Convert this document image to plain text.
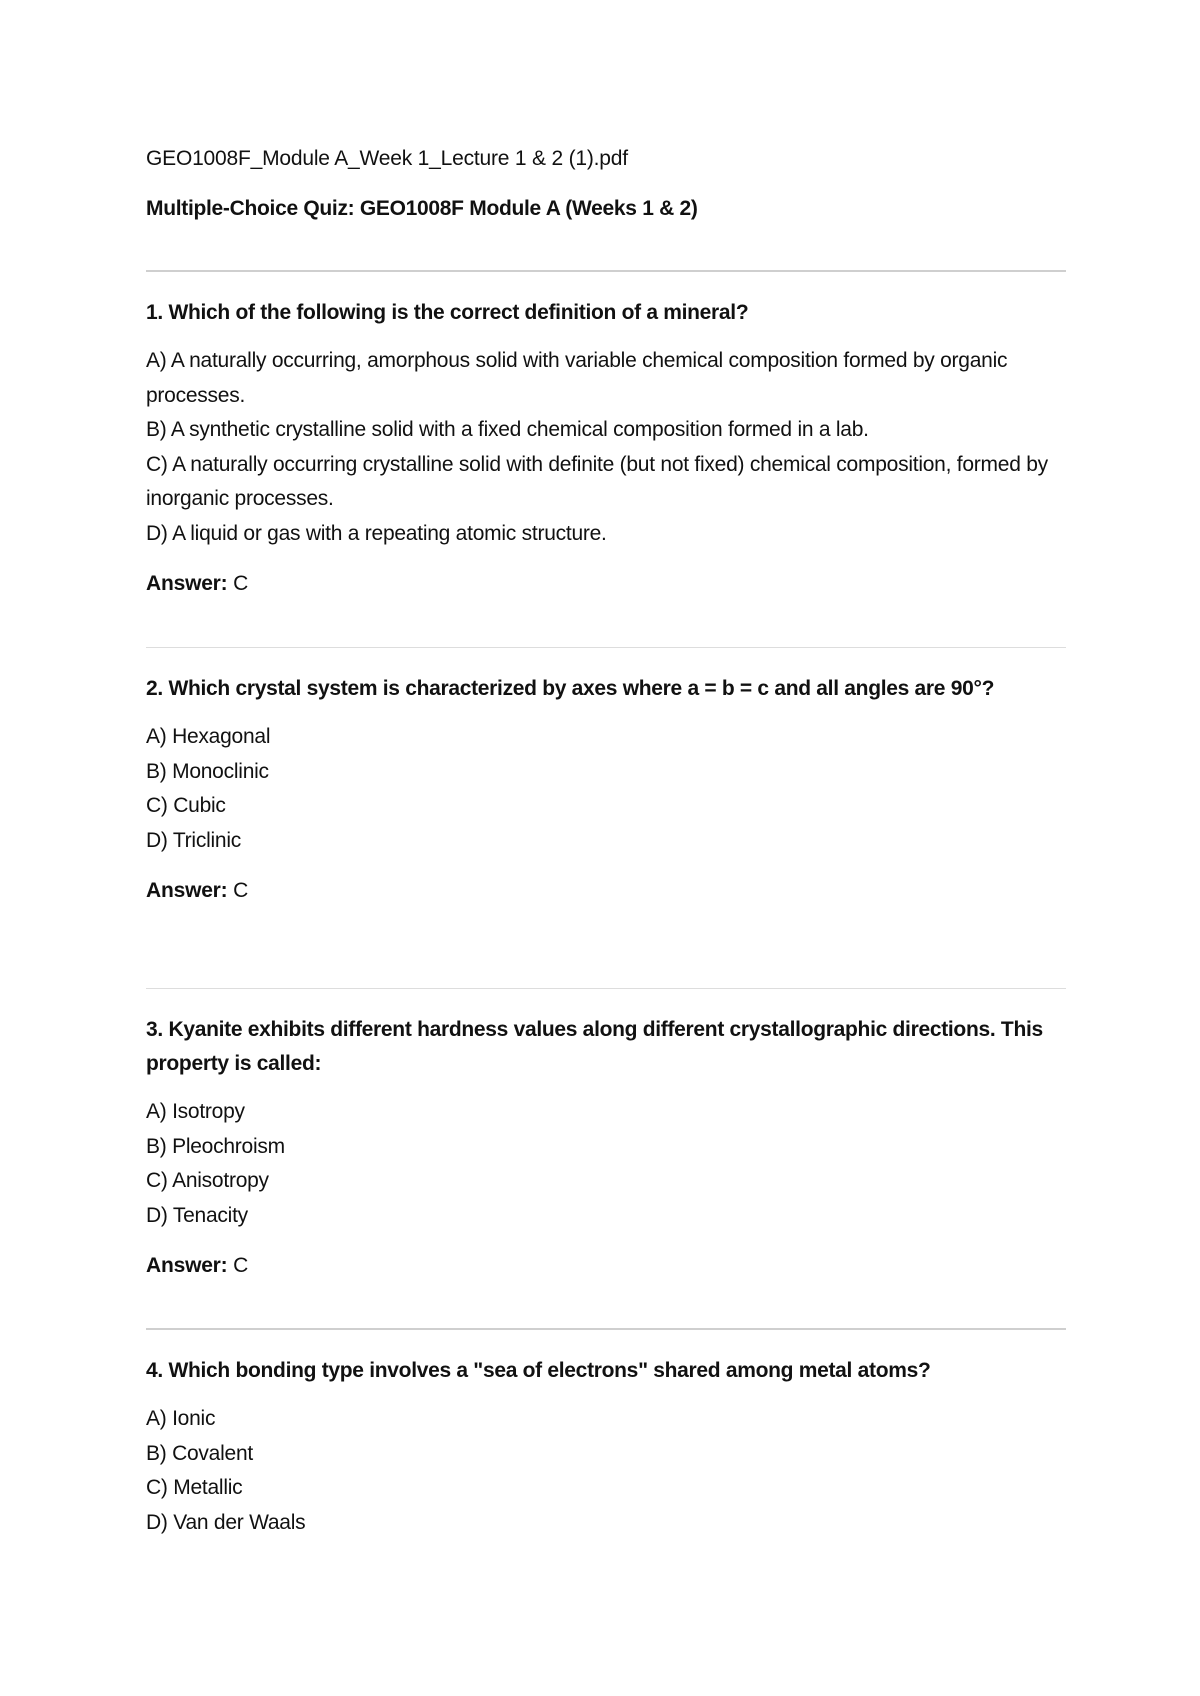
GEO1008F_Module A_Week 1_Lecture 1 & 2 (1).pdf

Multiple-Choice Quiz: GEO1008F Module A (Weeks 1 & 2)

1. Which of the following is the correct definition of a mineral?

A) A naturally occurring, amorphous solid with variable chemical composition formed by organic processes.
B) A synthetic crystalline solid with a fixed chemical composition formed in a lab.
C) A naturally occurring crystalline solid with definite (but not fixed) chemical composition, formed by inorganic processes.
D) A liquid or gas with a repeating atomic structure.

Answer: C

2. Which crystal system is characterized by axes where a = b = c and all angles are 90°?

A) Hexagonal
B) Monoclinic
C) Cubic
D) Triclinic

Answer: C

3. Kyanite exhibits different hardness values along different crystallographic directions. This property is called:

A) Isotropy
B) Pleochroism
C) Anisotropy
D) Tenacity

Answer: C

4. Which bonding type involves a "sea of electrons" shared among metal atoms?

A) Ionic
B) Covalent
C) Metallic
D) Van der Waals
